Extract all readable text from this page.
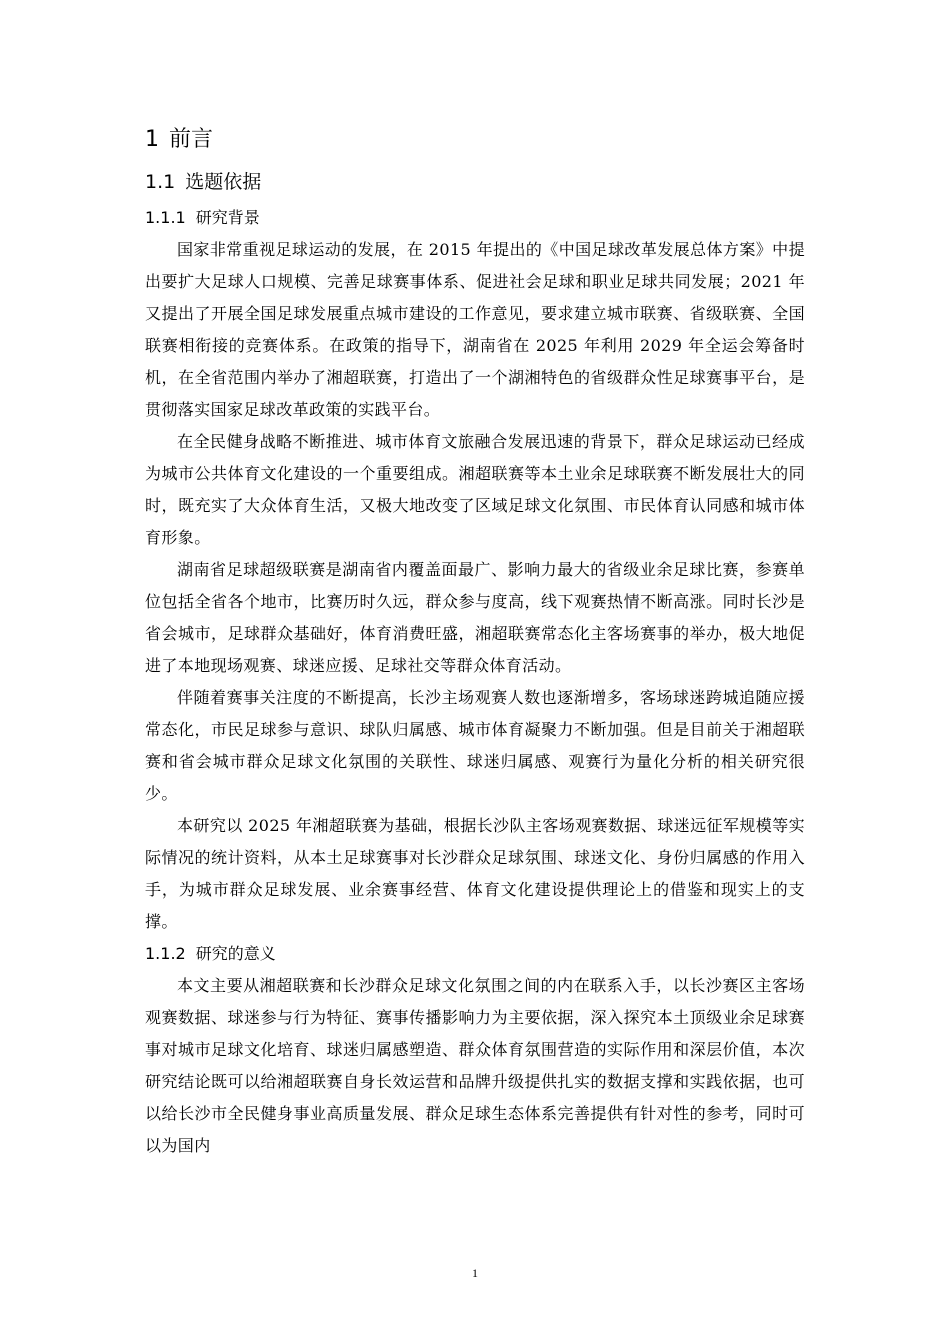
1 前言
1.1 选题依据
1.1.1 研究背景

国家非常重视足球运动的发展，在 2015 年提出的《中国足球改革发展总体方案》中提出要扩大足球人口规模、完善足球赛事体系、促进社会足球和职业足球共同发展；2021 年又提出了开展全国足球发展重点城市建设的工作意见，要求建立城市联赛、省级联赛、全国联赛相衔接的竞赛体系。在政策的指导下，湖南省在 2025 年利用 2029 年全运会筹备时机，在全省范围内举办了湘超联赛，打造出了一个湖湘特色的省级群众性足球赛事平台，是贯彻落实国家足球改革政策的实践平台。

在全民健身战略不断推进、城市体育文旅融合发展迅速的背景下，群众足球运动已经成为城市公共体育文化建设的一个重要组成。湘超联赛等本土业余足球联赛不断发展壮大的同时，既充实了大众体育生活，又极大地改变了区域足球文化氛围、市民体育认同感和城市体育形象。

湖南省足球超级联赛是湖南省内覆盖面最广、影响力最大的省级业余足球比赛，参赛单位包括全省各个地市，比赛历时久远，群众参与度高，线下观赛热情不断高涨。同时长沙是省会城市，足球群众基础好，体育消费旺盛，湘超联赛常态化主客场赛事的举办，极大地促进了本地现场观赛、球迷应援、足球社交等群众体育活动。

伴随着赛事关注度的不断提高，长沙主场观赛人数也逐渐增多，客场球迷跨城追随应援常态化，市民足球参与意识、球队归属感、城市体育凝聚力不断加强。但是目前关于湘超联赛和省会城市群众足球文化氛围的关联性、球迷归属感、观赛行为量化分析的相关研究很少。

本研究以 2025 年湘超联赛为基础，根据长沙队主客场观赛数据、球迷远征军规模等实际情况的统计资料，从本土足球赛事对长沙群众足球氛围、球迷文化、身份归属感的作用入手，为城市群众足球发展、业余赛事经营、体育文化建设提供理论上的借鉴和现实上的支撑。

1.1.2 研究的意义

本文主要从湘超联赛和长沙群众足球文化氛围之间的内在联系入手，以长沙赛区主客场观赛数据、球迷参与行为特征、赛事传播影响力为主要依据，深入探究本土顶级业余足球赛事对城市足球文化培育、球迷归属感塑造、群众体育氛围营造的实际作用和深层价值，本次研究结论既可以给湘超联赛自身长效运营和品牌升级提供扎实的数据支撑和实践依据，也可以给长沙市全民健身事业高质量发展、群众足球生态体系完善提供有针对性的参考，同时可以为国内

1
